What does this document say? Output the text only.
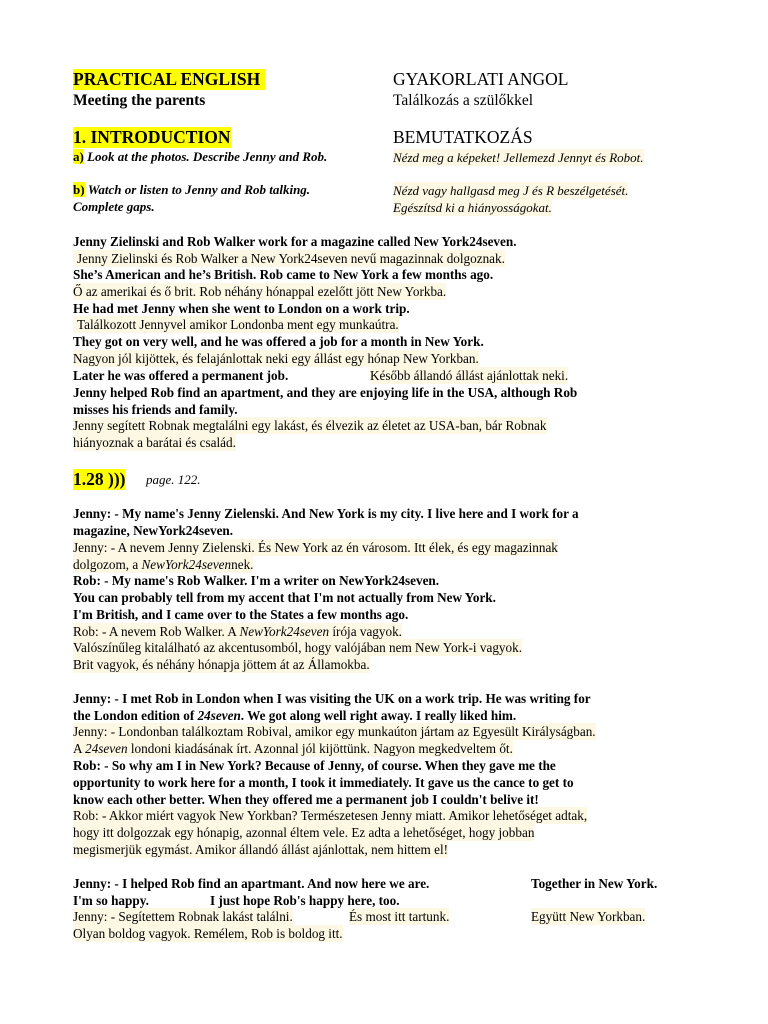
PRACTICAL ENGLISH	GYAKORLATI ANGOL
Meeting the parents	Találkozás a szülőkkel
1. INTRODUCTION	BEMUTATKOZÁS
a) Look at the photos. Describe Jenny and Rob.	Nézd meg a képeket! Jellemezd Jennyt és Robot.
b) Watch or listen to Jenny and Rob talking.
Complete gaps.
Nézd vagy hallgasd meg J és R beszélgetését.
Egészítsd ki a hiányosságokat.
Jenny Zielinski and Rob Walker work for a magazine called New York24seven.
Jenny Zielinski és Rob Walker a New York24seven nevű magazinnak dolgoznak.
She’s American and he’s British. Rob came to New York a few months ago.
Ő az amerikai és ő brit. Rob néhány hónappal ezelőtt jött New Yorkba.
He had met Jenny when she went to London on a work trip.
Találkozott Jennyvel amikor Londonba ment egy munkaútra.
They got on very well, and he was offered a job for a month in New York.
Nagyon jól kijöttek, és felajánlottak neki egy állást egy hónap New Yorkban.
Later he was offered a permanent job.	Később állandó állást ajánlottak neki.
Jenny helped Rob find an apartment, and they are enjoying life in the USA, although Rob
misses his friends and family.
Jenny segített Robnak megtalálni egy lakást, és élvezik az életet az USA-ban, bár Robnak
hiányoznak a barátai és család.
1.28 ))) page. 122.
Jenny: - My name's Jenny Zielenski. And New York is my city. I live here and I work for a
magazine, NewYork24seven.
Jenny: - A nevem Jenny Zielenski. És New York az én városom. Itt élek, és egy magazinnak
dolgozom, a NewYork24sevennek.
Rob: - My name's Rob Walker. I'm a writer on NewYork24seven.
You can probably tell from my accent that I'm not actually from New York.
I'm British, and I came over to the States a few months ago.
Rob: - A nevem Rob Walker. A NewYork24seven írója vagyok.
Valószínűleg kitalálható az akcentusomból, hogy valójában nem New York-i vagyok.
Brit vagyok, és néhány hónapja jöttem át az Államokba.
Jenny: - I met Rob in London when I was visiting the UK on a work trip. He was writing for
the London edition of 24seven. We got along well right away. I really liked him.
Jenny: - Londonban találkoztam Robival, amikor egy munkaúton jártam az Egyesült Királyságban.
A 24seven londoni kiadásának írt. Azonnal jól kijöttünk. Nagyon megkedveltem őt.
Rob: - So why am I in New York? Because of Jenny, of course. When they gave me the
opportunity to work here for a month, I took it immediately. It gave us the cance to get to
know each other better. When they offered me a permanent job I couldn't belive it!
Rob: - Akkor miért vagyok New Yorkban? Természetesen Jenny miatt. Amikor lehetőséget adtak,
hogy itt dolgozzak egy hónapig, azonnal éltem vele. Ez adta a lehetőséget, hogy jobban
megismerjük egymást. Amikor állandó állást ajánlottak, nem hittem el!
Jenny: - I helped Rob find an apartmant. And now here we are.	Together in New York.
I'm so happy.	I just hope Rob's happy here, too.
Jenny: - Segítettem Robnak lakást találni.	És most itt tartunk.	Együtt New Yorkban.
Olyan boldog vagyok. Remélem, Rob is boldog itt.
